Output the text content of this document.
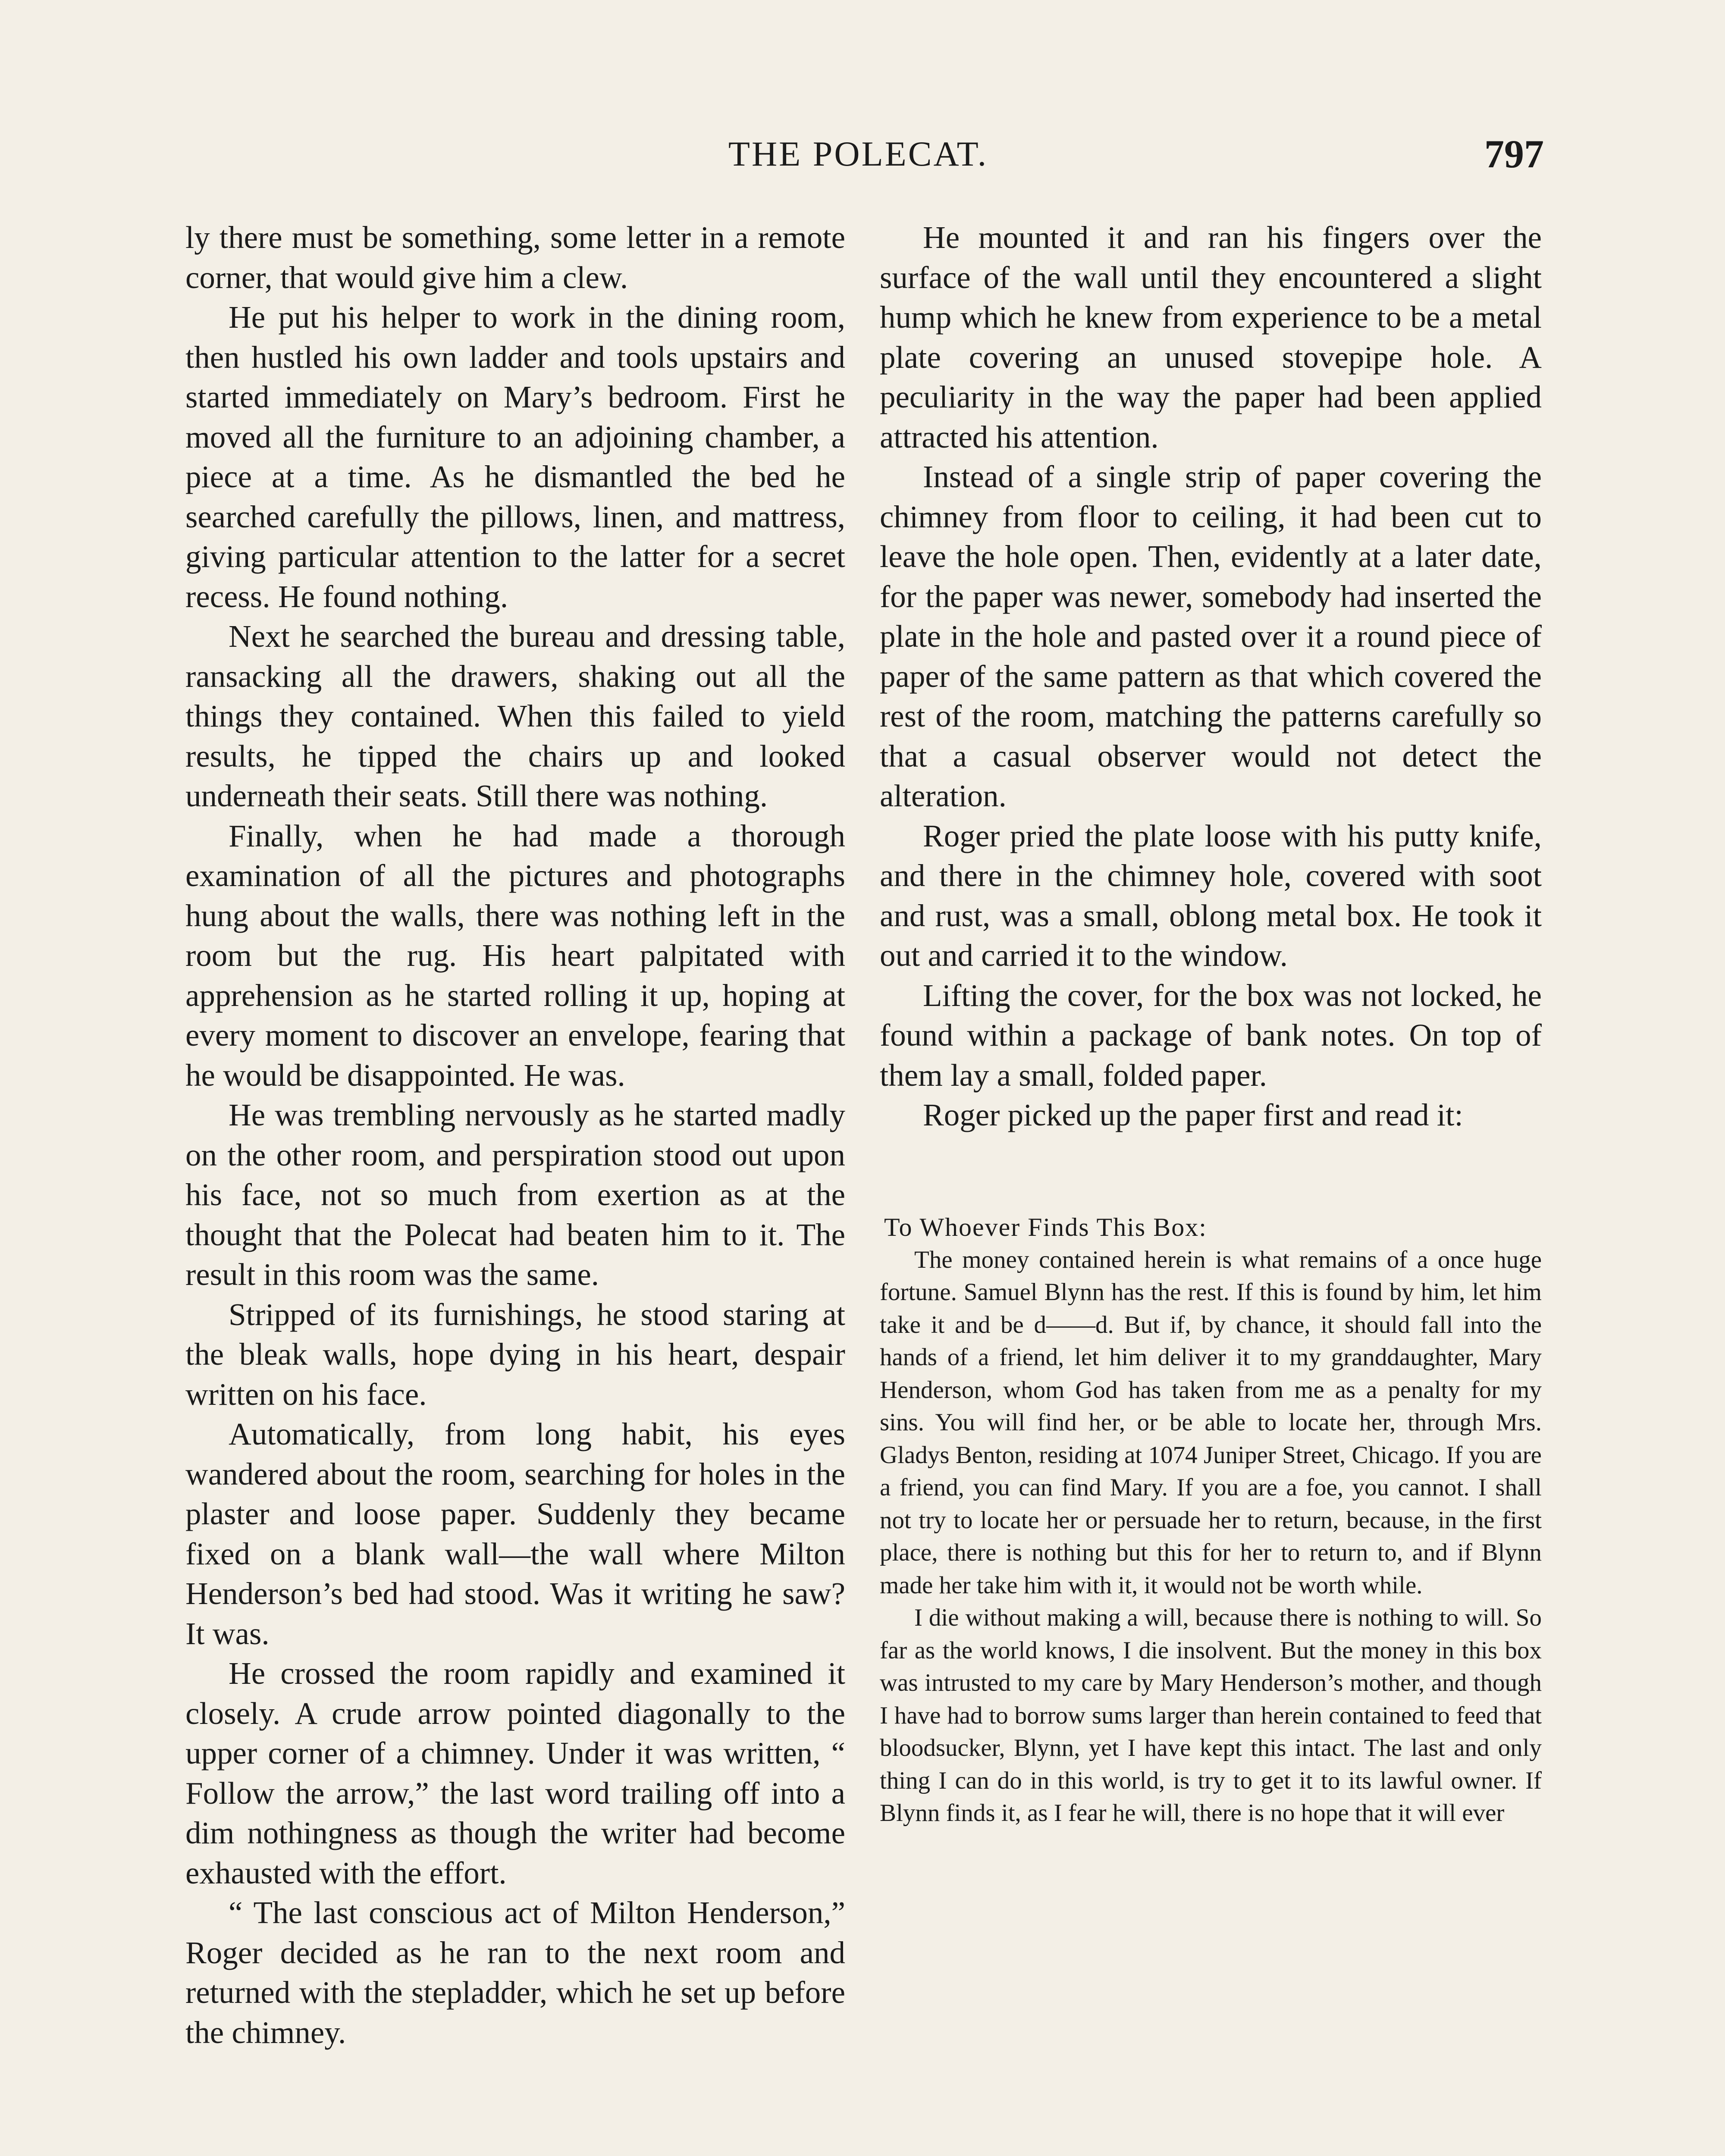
THE POLECAT.	797

ly there must be something, some letter in a remote corner, that would give him a clew.

He put his helper to work in the dining room, then hustled his own ladder and tools upstairs and started immediately on Mary’s bedroom. First he moved all the furniture to an adjoining chamber, a piece at a time. As he dismantled the bed he searched carefully the pillows, linen, and mattress, giving particular attention to the latter for a secret recess. He found nothing.

Next he searched the bureau and dressing table, ransacking all the drawers, shaking out all the things they contained. When this failed to yield results, he tipped the chairs up and looked underneath their seats. Still there was nothing.

Finally, when he had made a thorough examination of all the pictures and photographs hung about the walls, there was nothing left in the room but the rug. His heart palpitated with apprehension as he started rolling it up, hoping at every moment to discover an envelope, fearing that he would be disappointed. He was.

He was trembling nervously as he started madly on the other room, and perspiration stood out upon his face, not so much from exertion as at the thought that the Polecat had beaten him to it. The result in this room was the same.

Stripped of its furnishings, he stood staring at the bleak walls, hope dying in his heart, despair written on his face.

Automatically, from long habit, his eyes wandered about the room, searching for holes in the plaster and loose paper. Suddenly they became fixed on a blank wall—the wall where Milton Henderson’s bed had stood. Was it writing he saw? It was.

He crossed the room rapidly and examined it closely. A crude arrow pointed diagonally to the upper corner of a chimney. Under it was written, “ Follow the arrow,” the last word trailing off into a dim nothingness as though the writer had become exhausted with the effort.

“ The last conscious act of Milton Henderson,” Roger decided as he ran to the next room and returned with the stepladder, which he set up before the chimney.

He mounted it and ran his fingers over the surface of the wall until they encountered a slight hump which he knew from experience to be a metal plate covering an unused stovepipe hole. A peculiarity in the way the paper had been applied attracted his attention.

Instead of a single strip of paper covering the chimney from floor to ceiling, it had been cut to leave the hole open. Then, evidently at a later date, for the paper was newer, somebody had inserted the plate in the hole and pasted over it a round piece of paper of the same pattern as that which covered the rest of the room, matching the patterns carefully so that a casual observer would not detect the alteration.

Roger pried the plate loose with his putty knife, and there in the chimney hole, covered with soot and rust, was a small, oblong metal box. He took it out and carried it to the window.

Lifting the cover, for the box was not locked, he found within a package of bank notes. On top of them lay a small, folded paper.

Roger picked up the paper first and read it:

To Whoever Finds This Box:

The money contained herein is what remains of a once huge fortune. Samuel Blynn has the rest. If this is found by him, let him take it and be d——d. But if, by chance, it should fall into the hands of a friend, let him deliver it to my granddaughter, Mary Henderson, whom God has taken from me as a penalty for my sins. You will find her, or be able to locate her, through Mrs. Gladys Benton, residing at 1074 Juniper Street, Chicago. If you are a friend, you can find Mary. If you are a foe, you cannot. I shall not try to locate her or persuade her to return, because, in the first place, there is nothing but this for her to return to, and if Blynn made her take him with it, it would not be worth while.

I die without making a will, because there is nothing to will. So far as the world knows, I die insolvent. But the money in this box was intrusted to my care by Mary Henderson’s mother, and though I have had to borrow sums larger than herein contained to feed that bloodsucker, Blynn, yet I have kept this intact. The last and only thing I can do in this world, is try to get it to its lawful owner. If Blynn finds it, as I fear he will, there is no hope that it will ever
